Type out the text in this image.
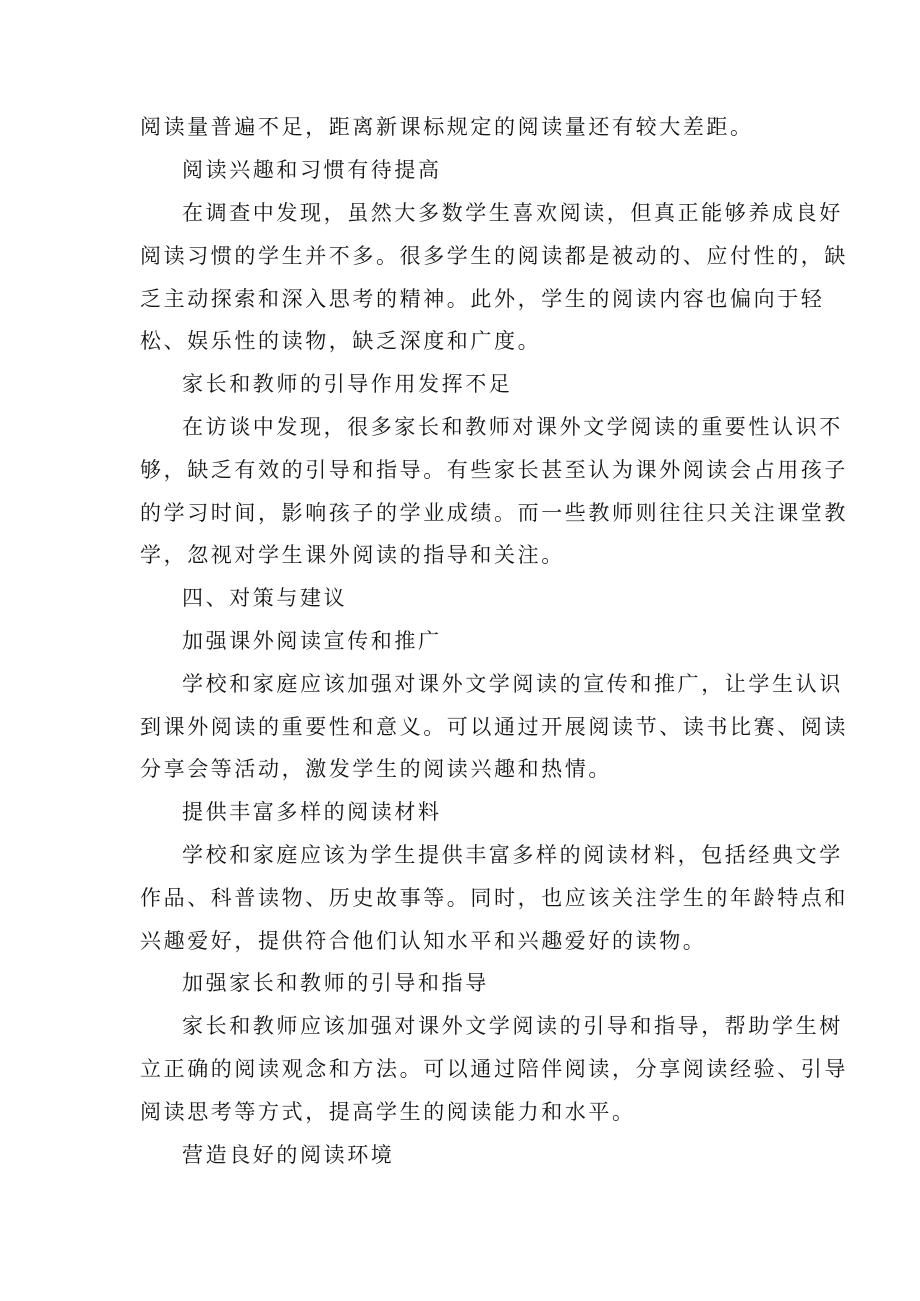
阅读量普遍不足，距离新课标规定的阅读量还有较大差距。
阅读兴趣和习惯有待提高
在调查中发现，虽然大多数学生喜欢阅读，但真正能够养成良好
阅读习惯的学生并不多。很多学生的阅读都是被动的、应付性的，缺
乏主动探索和深入思考的精神。此外，学生的阅读内容也偏向于轻
松、娱乐性的读物，缺乏深度和广度。
家长和教师的引导作用发挥不足
在访谈中发现，很多家长和教师对课外文学阅读的重要性认识不
够，缺乏有效的引导和指导。有些家长甚至认为课外阅读会占用孩子
的学习时间，影响孩子的学业成绩。而一些教师则往往只关注课堂教
学，忽视对学生课外阅读的指导和关注。
四、对策与建议
加强课外阅读宣传和推广
学校和家庭应该加强对课外文学阅读的宣传和推广，让学生认识
到课外阅读的重要性和意义。可以通过开展阅读节、读书比赛、阅读
分享会等活动，激发学生的阅读兴趣和热情。
提供丰富多样的阅读材料
学校和家庭应该为学生提供丰富多样的阅读材料，包括经典文学
作品、科普读物、历史故事等。同时，也应该关注学生的年龄特点和
兴趣爱好，提供符合他们认知水平和兴趣爱好的读物。
加强家长和教师的引导和指导
家长和教师应该加强对课外文学阅读的引导和指导，帮助学生树
立正确的阅读观念和方法。可以通过陪伴阅读，分享阅读经验、引导
阅读思考等方式，提高学生的阅读能力和水平。
营造良好的阅读环境
